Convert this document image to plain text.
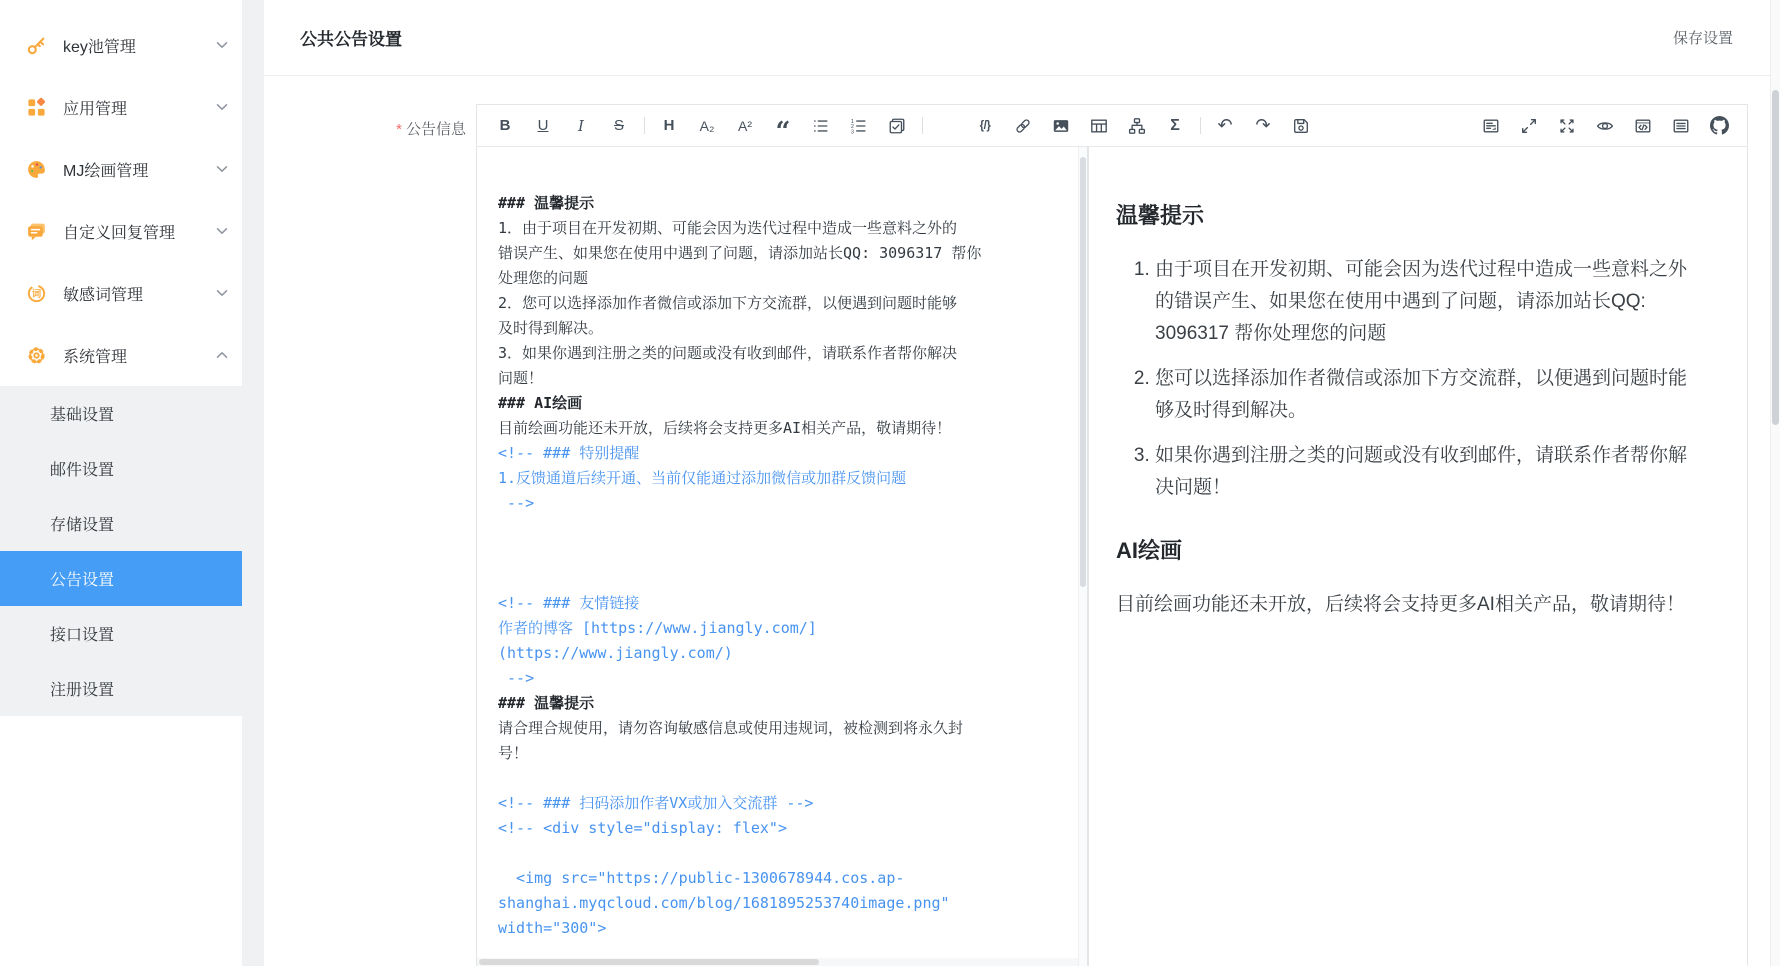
key池管理
应用管理
MJ绘画管理
自定义回复管理
词 敏感词管理
系统管理
基础设置
邮件设置
存储设置
公告设置
接口设置
注册设置
公共公告设置	保存设置
* 公告信息 B U I S	H A₂ A² “	1
2
3
{/}	Σ ↶ ↷
### 温馨提示
1．由于项目在开发初期、可能会因为迭代过程中造成一些意料之外的
错误产生、如果您在使用中遇到了问题，请添加站长QQ: 3096317 帮你
处理您的问题
2．您可以选择添加作者微信或添加下方交流群，以便遇到问题时能够
及时得到解决。
3．如果你遇到注册之类的问题或没有收到邮件，请联系作者帮你解决
问题！
### AI绘画
目前绘画功能还未开放，后续将会支持更多AI相关产品，敬请期待！
<!-- ### 特别提醒
1.反馈通道后续开通、当前仅能通过添加微信或加群反馈问题
-->
<!-- ### 友情链接
作者的博客 [https://www.jiangly.com/]
(https://www.jiangly.com/)
-->
### 温馨提示
请合理合规使用，请勿咨询敏感信息或使用违规词，被检测到将永久封
号！
<!-- ### 扫码添加作者VX或加入交流群 -->
<!-- <div style="display: flex">
<img src="https://public-1300678944.cos.ap-
shanghai.myqcloud.com/blog/1681895253740image.png"
width="300">
温馨提示
1. 由于项目在开发初期、可能会因为迭代过程中造成一些意料之外的错误产生、如果您在使用中遇到了问题，请添加站长QQ: 3096317 帮你处理您的问题
2. 您可以选择添加作者微信或添加下方交流群，以便遇到问题时能够及时得到解决。
3. 如果你遇到注册之类的问题或没有收到邮件，请联系作者帮你解决问题！
AI绘画

目前绘画功能还未开放，后续将会支持更多AI相关产品，敬请期待！
